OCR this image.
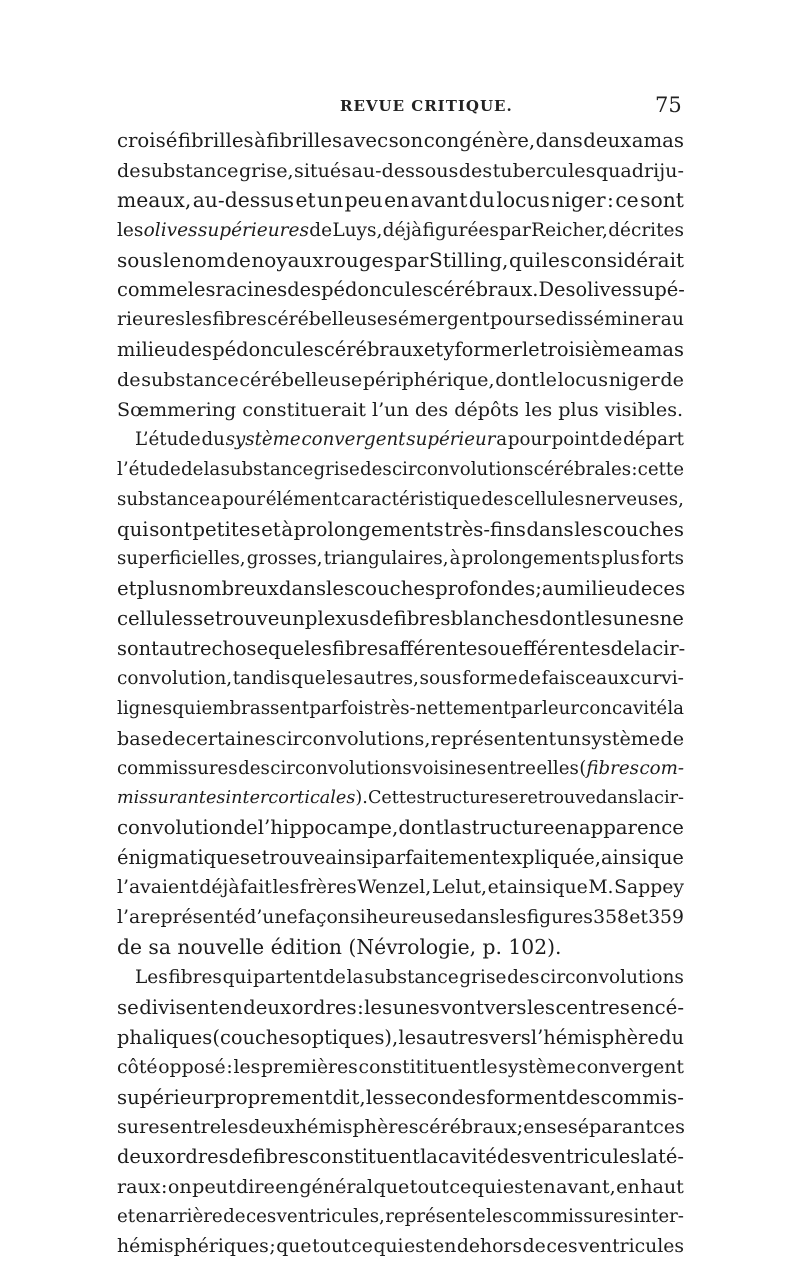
REVUE CRITIQUE.	75
croisé fibrilles à fibrilles avec son congénère, dans deux amas
de substance grise, situés au-dessous des tubercules quadriju-
meaux, au-dessus et un peu en avant du locus niger : ce sont
les olives supérieures de Luys, déjà figurées par Reicher, décrites
sous le nom de noyaux rouges par Stilling, qui les considérait
comme les racines des pédoncules cérébraux. Des olives supé-
rieures les fibres cérébelleuses émergent pour se disséminer au
milieu des pédoncules cérébraux et y former le troisième amas
de substance cérébelleuse périphérique, dont le locus niger de
Sœmmering constituerait l’un des dépôts les plus visibles.
L’étude du système convergent supérieur a pour point de départ
l’étude de la substance grise des circonvolutions cérébrales : cette
substance a pour élément caractéristique des cellules nerveuses,
qui sont petites et à prolongements très-fins dans les couches
superficielles, grosses, triangulaires, à prolongements plus forts
et plus nombreux dans les couches profondes ; au milieu de ces
cellules se trouve un plexus de fibres blanches dont les unes ne
sont autre chose que les fibres afférentes ou efférentes de la cir-
convolution, tandis que les autres, sous forme de faisceaux curvi-
lignes qui embrassent parfois très-nettement par leur concavité la
base de certaines circonvolutions, représentent un système de
commissures des circonvolutions voisines entre elles (fibres com-
missurantes intercorticales). Cette structure se retrouve dans la cir-
convolution de l’hippocampe, dont la structure en apparence
énigmatique se trouve ainsi parfaitement expliquée, ainsi que
l’avaient déjà fait les frères Wenzel, Lelut, et ainsi que M. Sappey
l’a représenté d’une façon si heureuse dans les figures 358 et 359
de sa nouvelle édition (Névrologie, p. 102).
Les fibres qui partent de la substance grise des circonvolutions
se divisent en deux ordres : les unes vont vers les centres encé-
phaliques (couches optiques), les autres vers l’hémisphère du
côté opposé : les premières constitituent le système convergent
supérieur proprement dit, les secondes forment des commis-
sures entre les deux hémisphères cérébraux ; en se séparant ces
deux ordres de fibres constituent la cavité des ventricules laté-
raux : on peut dire en général que tout ce qui est en avant, en haut
et en arrière de ces ventricules, représente les commissures inter-
hémisphériques ; que tout ce qui est en dehors de ces ventricules
